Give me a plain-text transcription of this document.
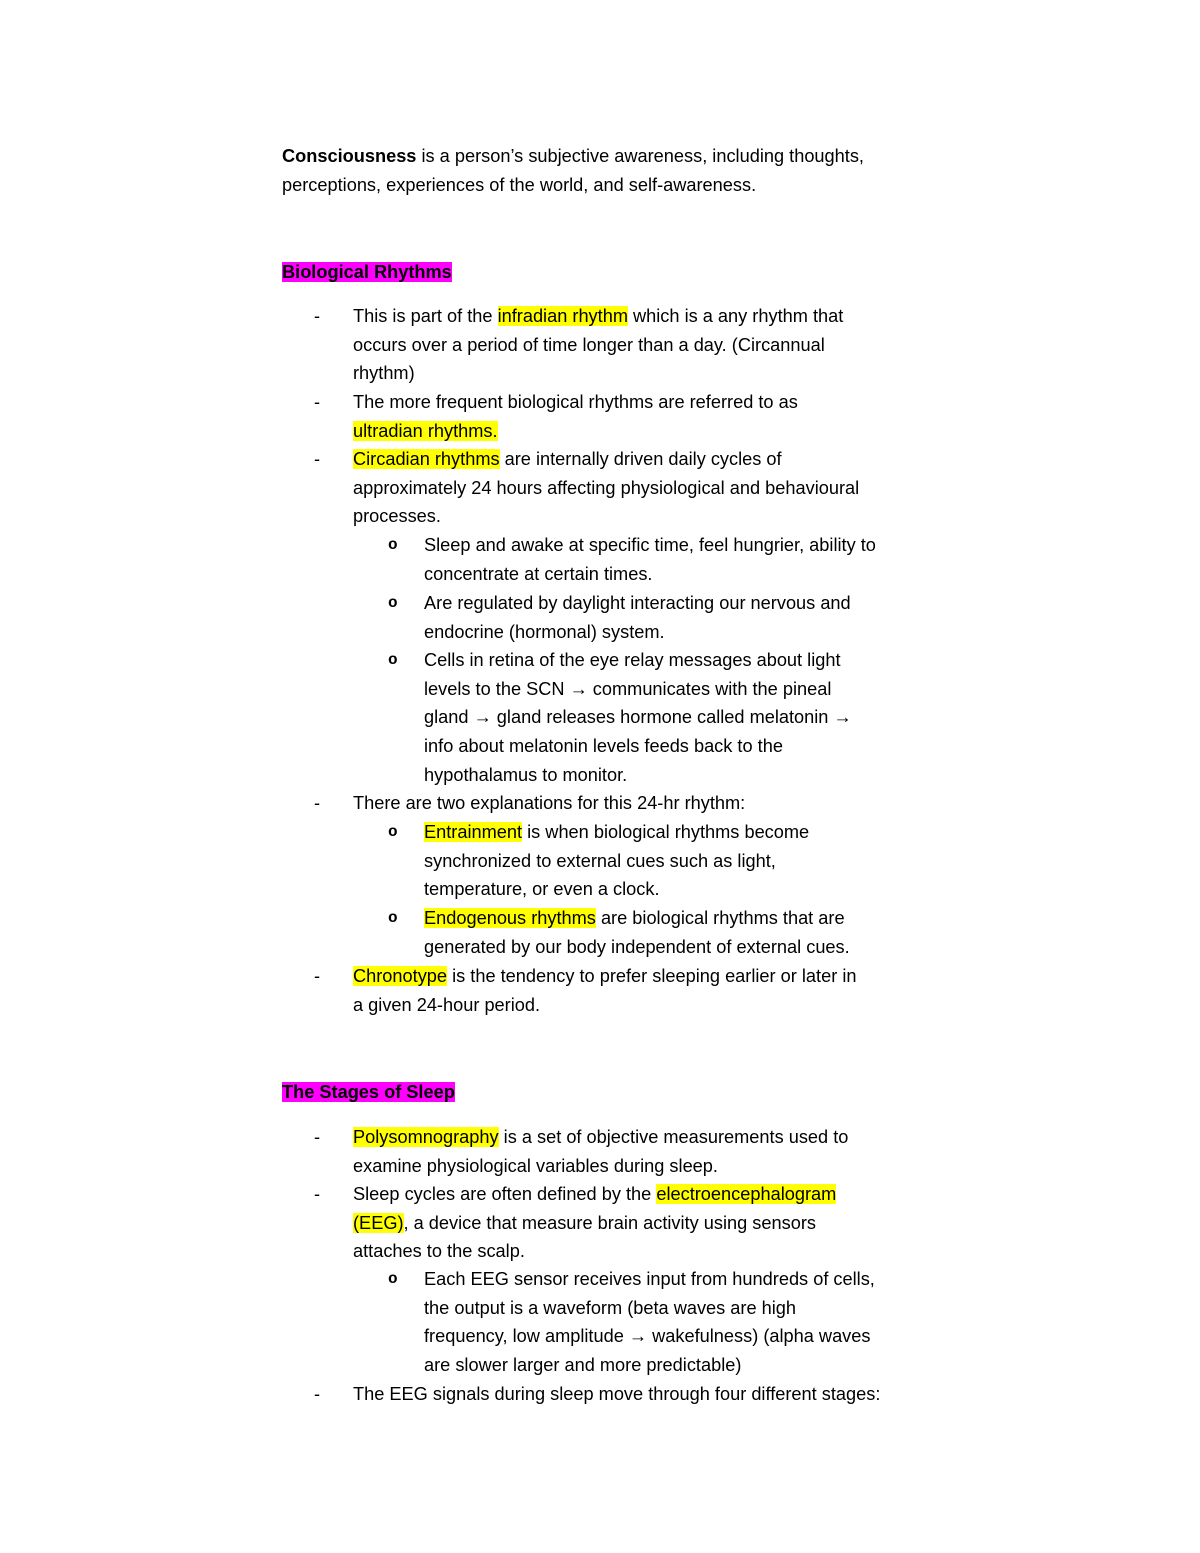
Consciousness is a person’s subjective awareness, including thoughts,
perceptions, experiences of the world, and self-awareness.
Biological Rhythms
- This is part of the infradian rhythm which is a any rhythm that
occurs over a period of time longer than a day. (Circannual
rhythm)
- The more frequent biological rhythms are referred to as
ultradian rhythms.
- Circadian rhythms are internally driven daily cycles of
approximately 24 hours affecting physiological and behavioural
processes.
o Sleep and awake at specific time, feel hungrier, ability to
concentrate at certain times.
o Are regulated by daylight interacting our nervous and
endocrine (hormonal) system.
o Cells in retina of the eye relay messages about light
levels to the SCN → communicates with the pineal
gland → gland releases hormone called melatonin →
info about melatonin levels feeds back to the
hypothalamus to monitor.
- There are two explanations for this 24-hr rhythm:
o Entrainment is when biological rhythms become
synchronized to external cues such as light,
temperature, or even a clock.
o Endogenous rhythms are biological rhythms that are
generated by our body independent of external cues.
- Chronotype is the tendency to prefer sleeping earlier or later in
a given 24-hour period.
The Stages of Sleep
- Polysomnography is a set of objective measurements used to
examine physiological variables during sleep.
- Sleep cycles are often defined by the electroencephalogram
(EEG), a device that measure brain activity using sensors
attaches to the scalp.
o Each EEG sensor receives input from hundreds of cells,
the output is a waveform (beta waves are high
frequency, low amplitude → wakefulness) (alpha waves
are slower larger and more predictable)
- The EEG signals during sleep move through four different stages:
